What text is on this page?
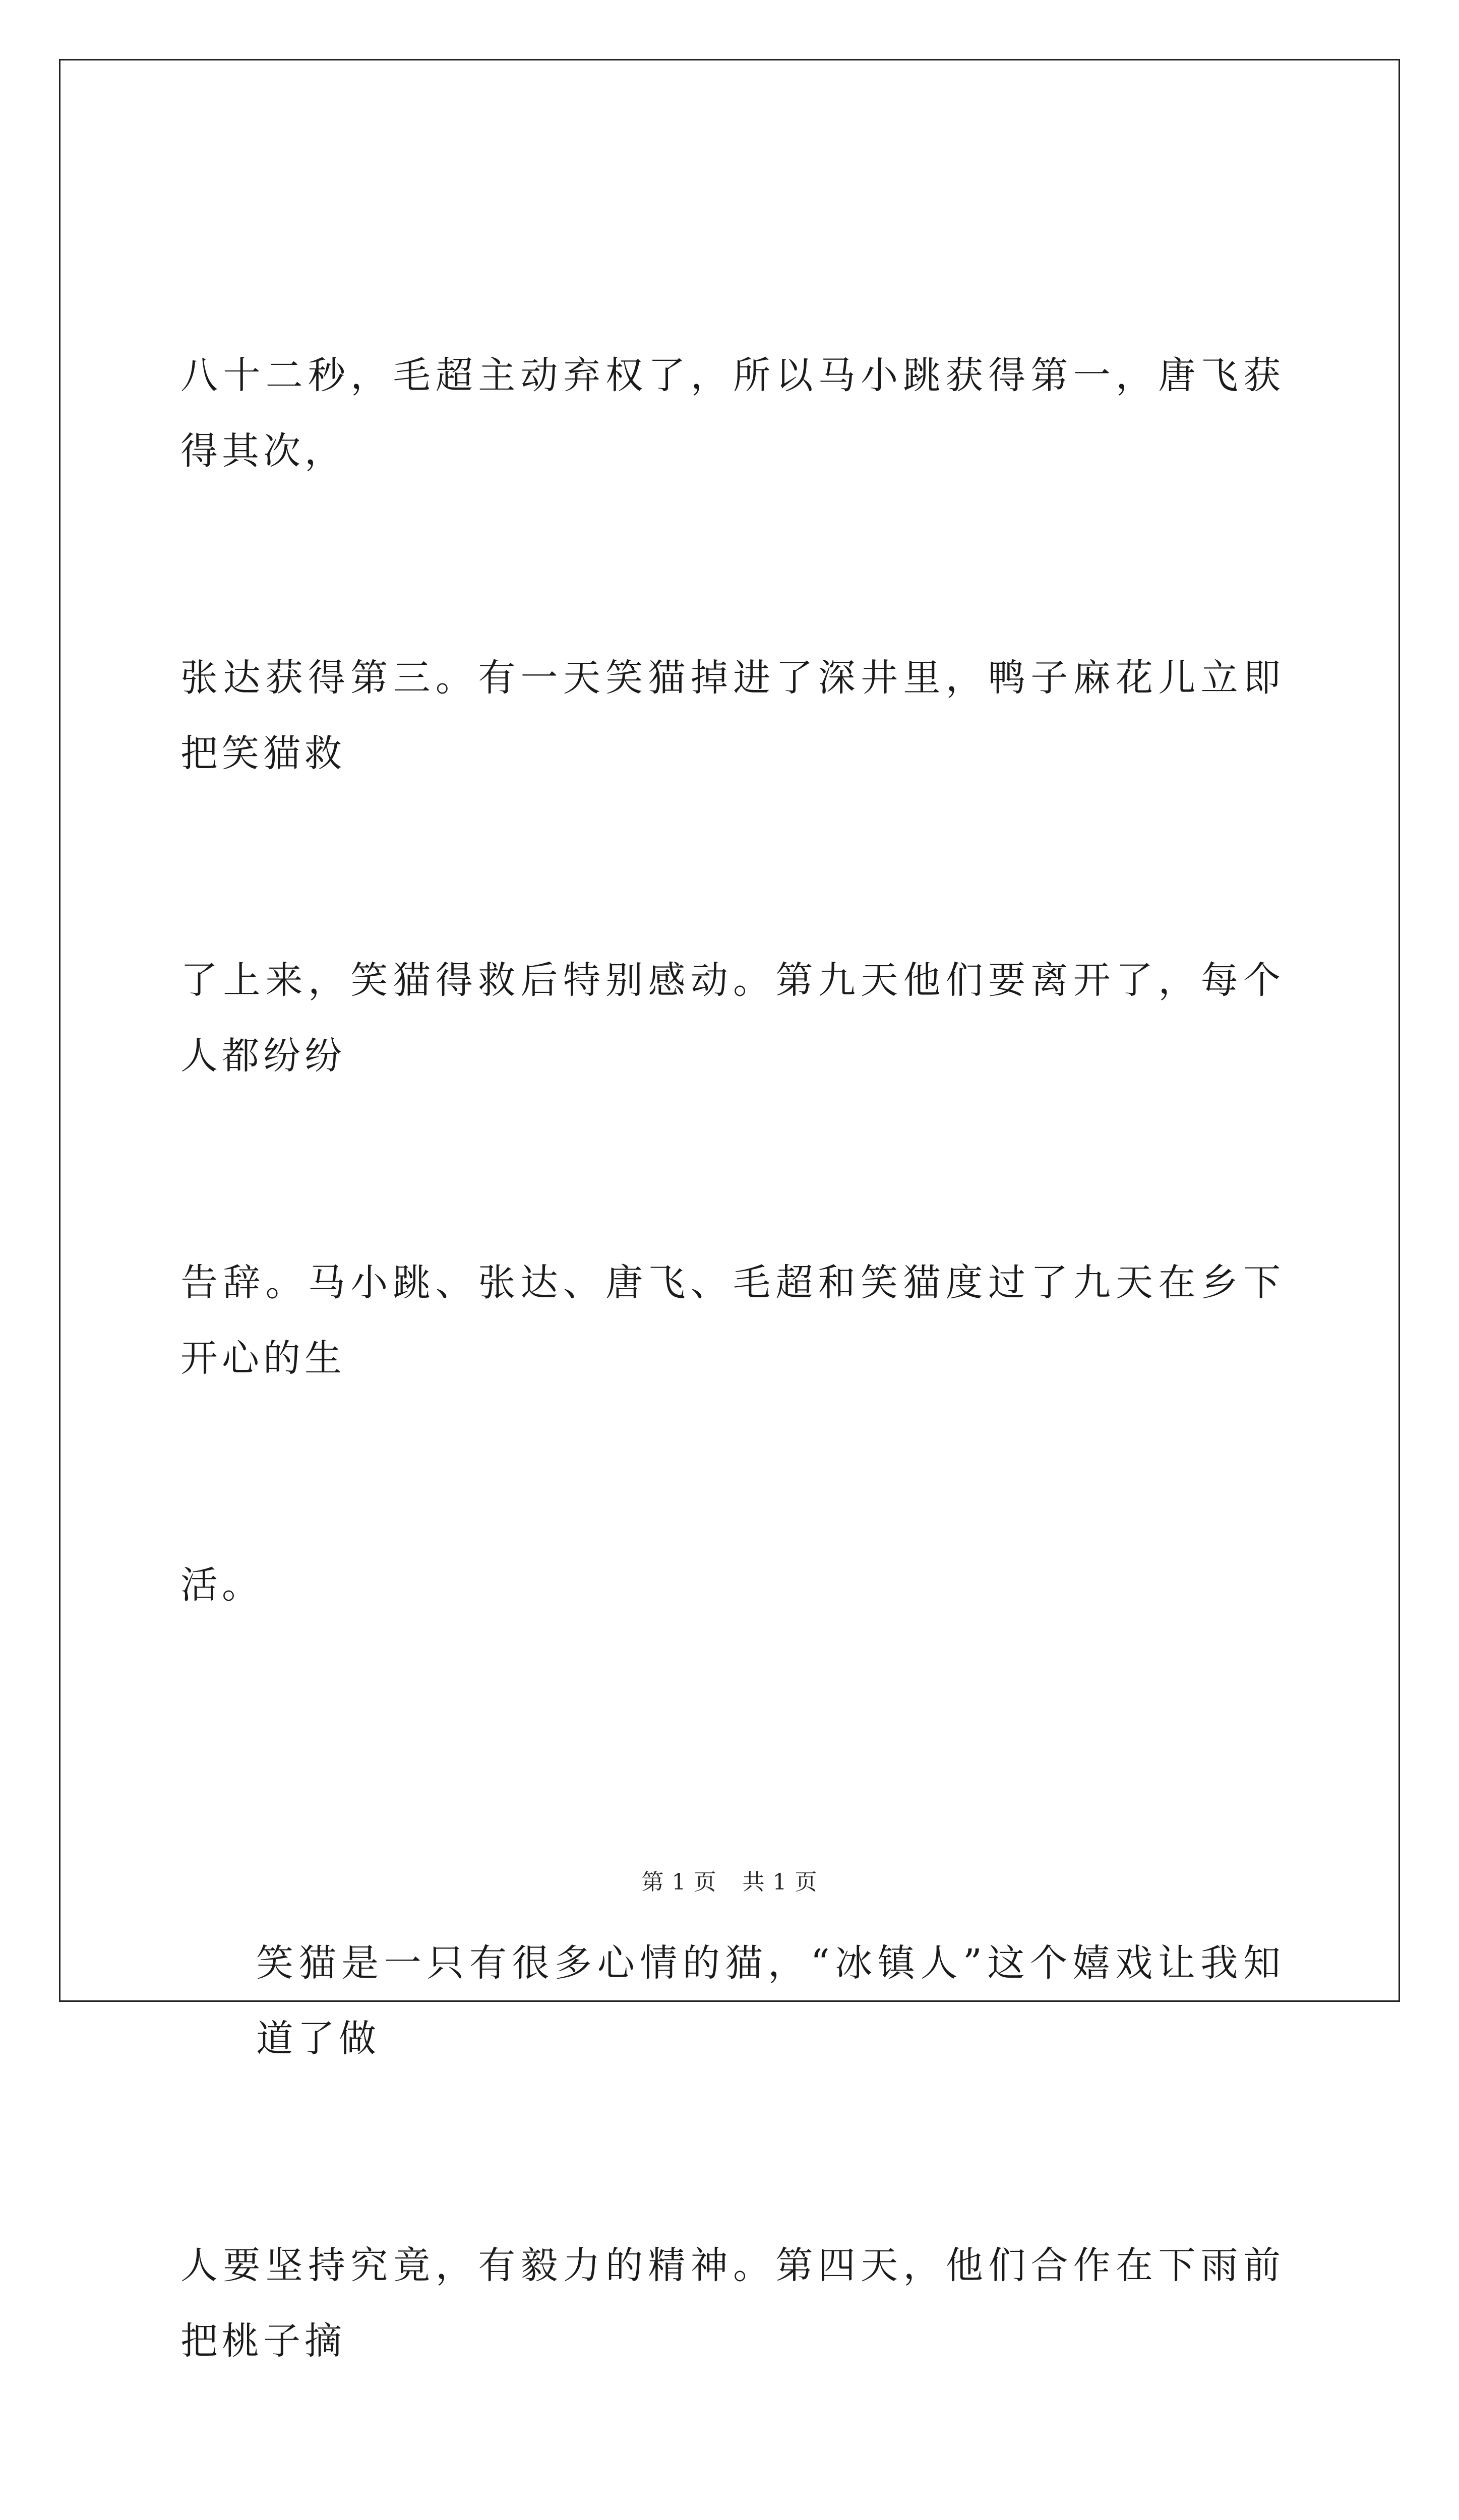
八十二秒，毛超主动弃权了，所以马小跳获得第一，唐飞获得其次，

张达获得第三。有一天笑猫掉进了深井里，鸭子麻花儿立即把笑猫救

了上来，笑猫得救后特别感动。第九天他们要离开了，每个人都纷纷

告辞。马小跳、张达、唐飞、毛超和笑猫度过了九天在乡下开心的生

活。

笑猫是一只有很多心情的猫，“冰镇人”这个嬉戏让我知道了做

人要坚持究竟，有毅力的精神。第四天，他们合作在下雨前把桃子摘

第 1 页 共 1 页
